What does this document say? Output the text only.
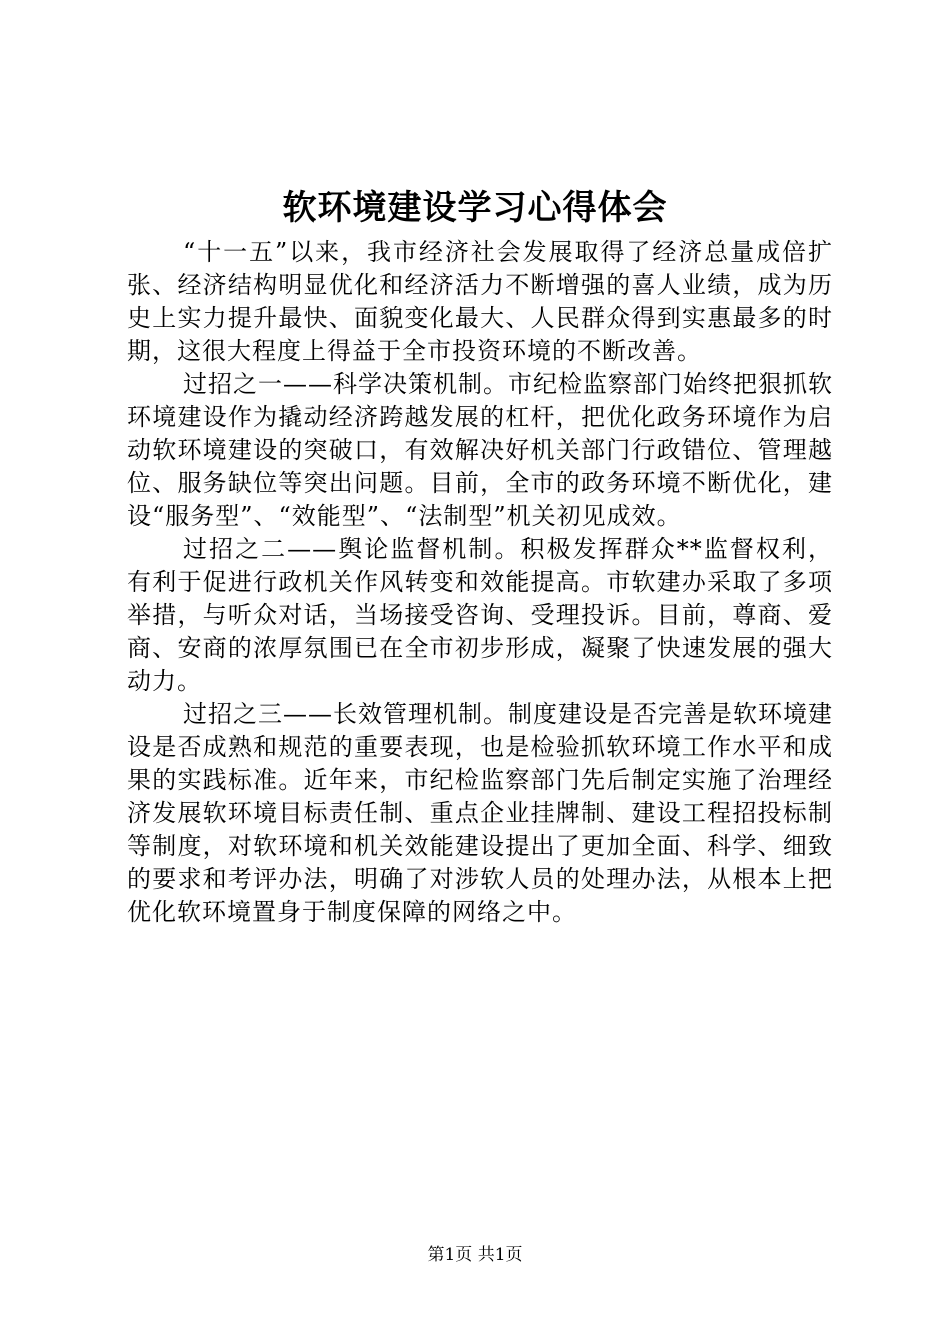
软环境建设学习心得体会

“十一五”以来，我市经济社会发展取得了经济总量成倍扩张、经济结构明显优化和经济活力不断增强的喜人业绩，成为历史上实力提升最快、面貌变化最大、人民群众得到实惠最多的时期，这很大程度上得益于全市投资环境的不断改善。

过招之一——科学决策机制。市纪检监察部门始终把狠抓软环境建设作为撬动经济跨越发展的杠杆，把优化政务环境作为启动软环境建设的突破口，有效解决好机关部门行政错位、管理越位、服务缺位等突出问题。目前，全市的政务环境不断优化，建设“服务型”、“效能型”、“法制型”机关初见成效。

过招之二——舆论监督机制。积极发挥群众**监督权利，有利于促进行政机关作风转变和效能提高。市软建办采取了多项举措，与听众对话，当场接受咨询、受理投诉。目前，尊商、爱商、安商的浓厚氛围已在全市初步形成，凝聚了快速发展的强大动力。

过招之三——长效管理机制。制度建设是否完善是软环境建设是否成熟和规范的重要表现，也是检验抓软环境工作水平和成果的实践标准。近年来，市纪检监察部门先后制定实施了治理经济发展软环境目标责任制、重点企业挂牌制、建设工程招投标制等制度，对软环境和机关效能建设提出了更加全面、科学、细致的要求和考评办法，明确了对涉软人员的处理办法，从根本上把优化软环境置身于制度保障的网络之中。

第1页 共1页
